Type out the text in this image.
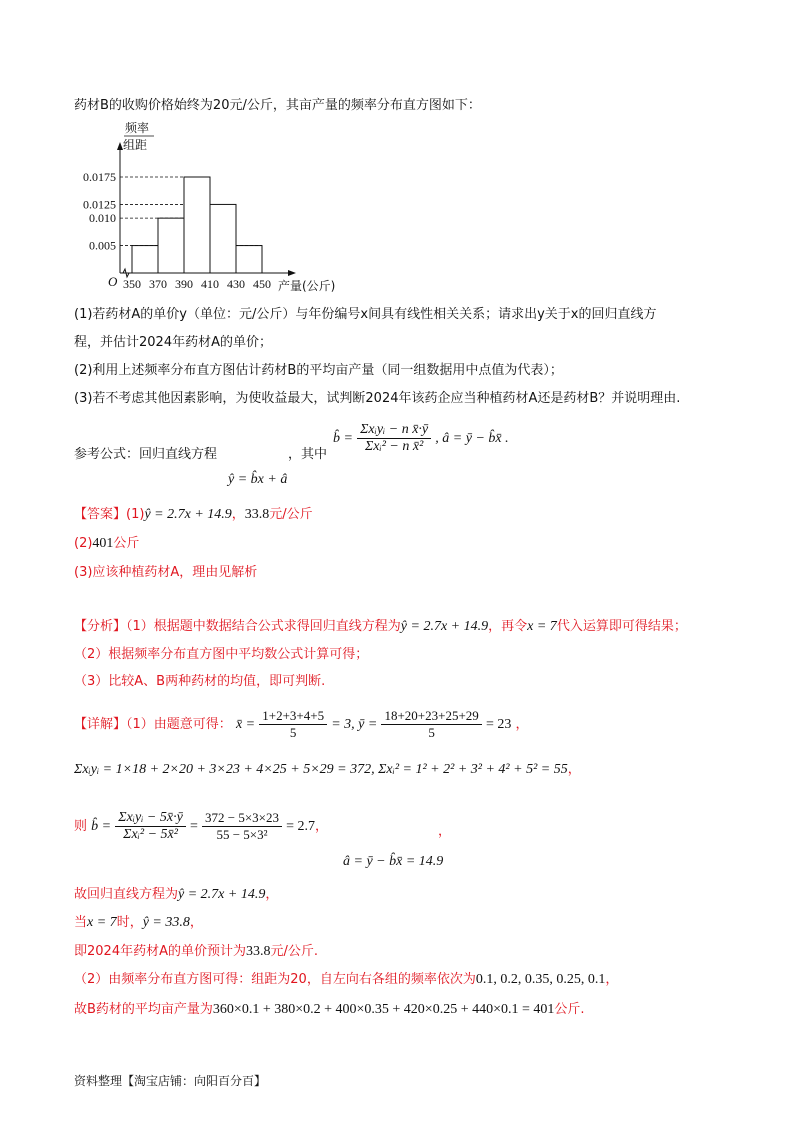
药材B的收购价格始终为20元/公斤，其亩产量的频率分布直方图如下：
O
频率
组距
0.0175
0.0125
0.010
0.005
350 370 390 410 430 450 产量(公斤)
(1)若药材A的单价y（单位：元/公斤）与年份编号x间具有线性相关关系；请求出y关于x的回归直线方
程，并估计2024年药材A的单价；
(2)利用上述频率分布直方图估计药材B的平均亩产量（同一组数据用中点值为代表）；
(3)若不考虑其他因素影响，为使收益最大，试判断2024年该药企应当种植药材A还是药材B？并说明理由.
参考公式：回归直线方程
ŷ = b̂x + â
，其中
b̂ = $\frac{\text{Σxᵢyᵢ − n x̄·ȳ}}{\text{Σxᵢ² − n x̄²}}$ , â = ȳ − b̂x̄ .
【答案】(1)ŷ = 2.7x + 14.9，33.8元/公斤
(2)401公斤
(3)应该种植药材A，理由见解析
【分析】（1）根据题中数据结合公式求得回归直线方程为ŷ = 2.7x + 14.9，再令x = 7代入运算即可得结果；
（2）根据频率分布直方图中平均数公式计算可得；
（3）比较A、B两种药材的均值，即可判断.
【详解】（1）由题意可得： x̄ = $\frac{1+2+3+4+5}{5} = 3$, ȳ = $\frac{18+20+23+25+29}{5} = 23$ ，
Σxᵢyᵢ = 1×18 + 2×20 + 3×23 + 4×25 + 5×29 = 372, Σxᵢ² = 1² + 2² + 3² + 4² + 5² = 55，
则 b̂ = $\frac{\text{Σxᵢyᵢ − 5x̄·ȳ}}{\text{Σxᵢ² − 5x̄²}} = \frac{372 - 5\times 3\times 23}{\text{55 − 5×3²}} = 2.7$，	，
â = ȳ − b̂x̄ = 14.9
故回归直线方程为ŷ = 2.7x + 14.9，
当x = 7时，ŷ = 33.8，
即2024年药材A的单价预计为33.8元/公斤.
（2）由频率分布直方图可得：组距为20，自左向右各组的频率依次为0.1, 0.2, 0.35, 0.25, 0.1，
故B药材的平均亩产量为360×0.1 + 380×0.2 + 400×0.35 + 420×0.25 + 440×0.1 = 401公斤.
资料整理【淘宝店铺：向阳百分百】
